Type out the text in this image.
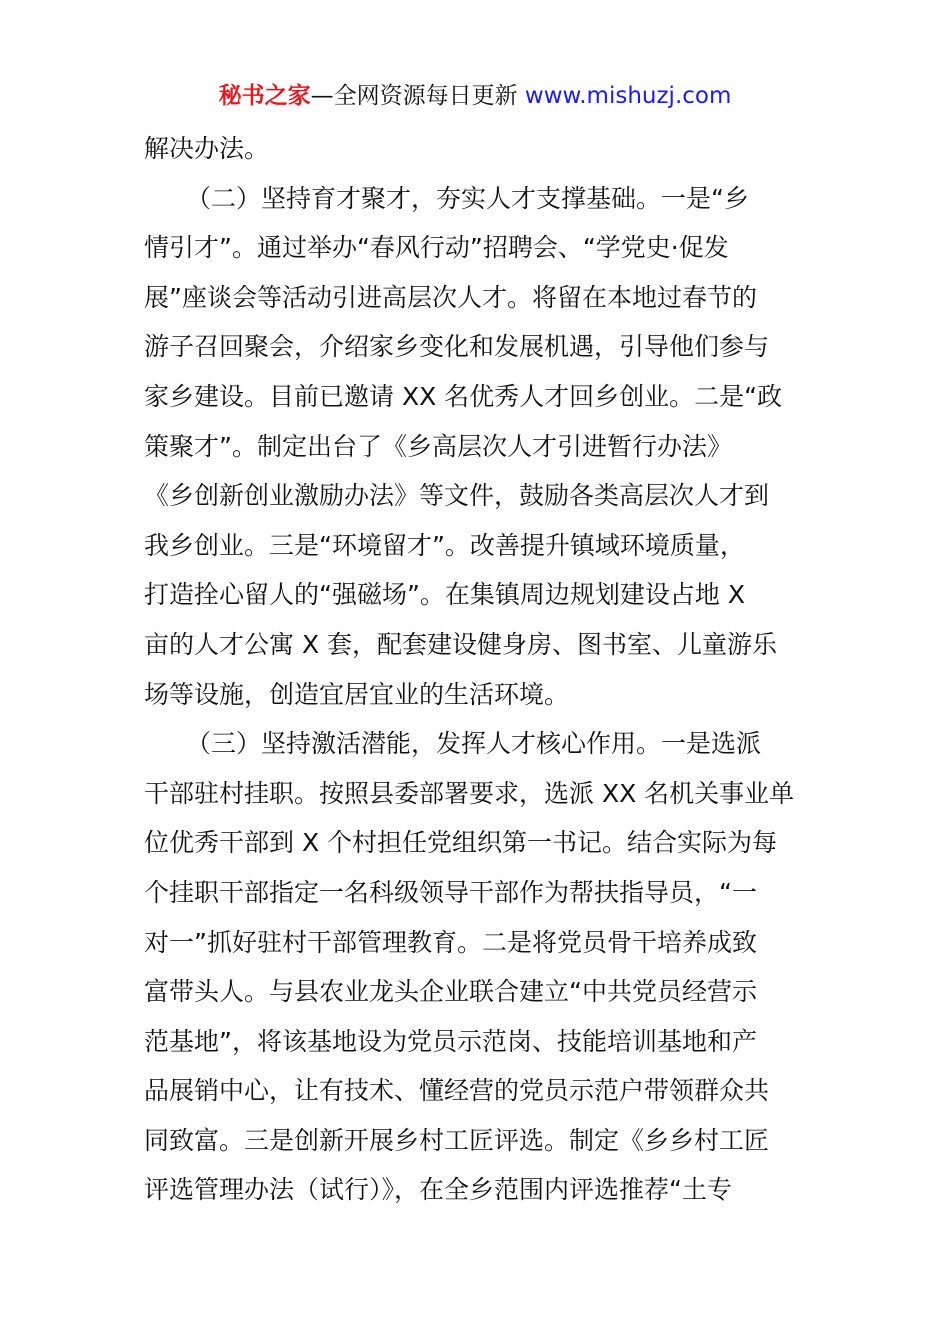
秘书之家—全网资源每日更新 www.mishuzj.com
解决办法。
（二）坚持育才聚才，夯实人才支撑基础。一是“乡
情引才”。通过举办“春风行动”招聘会、“学党史·促发
展”座谈会等活动引进高层次人才。将留在本地过春节的
游子召回聚会，介绍家乡变化和发展机遇，引导他们参与
家乡建设。目前已邀请 XX 名优秀人才回乡创业。二是“政
策聚才”。制定出台了《乡高层次人才引进暂行办法》
《乡创新创业激励办法》等文件，鼓励各类高层次人才到
我乡创业。三是“环境留才”。改善提升镇域环境质量，
打造拴心留人的“强磁场”。在集镇周边规划建设占地 X
亩的人才公寓 X 套，配套建设健身房、图书室、儿童游乐
场等设施，创造宜居宜业的生活环境。
（三）坚持激活潜能，发挥人才核心作用。一是选派
干部驻村挂职。按照县委部署要求，选派 XX 名机关事业单
位优秀干部到 X 个村担任党组织第一书记。结合实际为每
个挂职干部指定一名科级领导干部作为帮扶指导员，“一
对一”抓好驻村干部管理教育。二是将党员骨干培养成致
富带头人。与县农业龙头企业联合建立“中共党员经营示
范基地”，将该基地设为党员示范岗、技能培训基地和产
品展销中心，让有技术、懂经营的党员示范户带领群众共
同致富。三是创新开展乡村工匠评选。制定《乡乡村工匠
评选管理办法（试行）》，在全乡范围内评选推荐“土专
